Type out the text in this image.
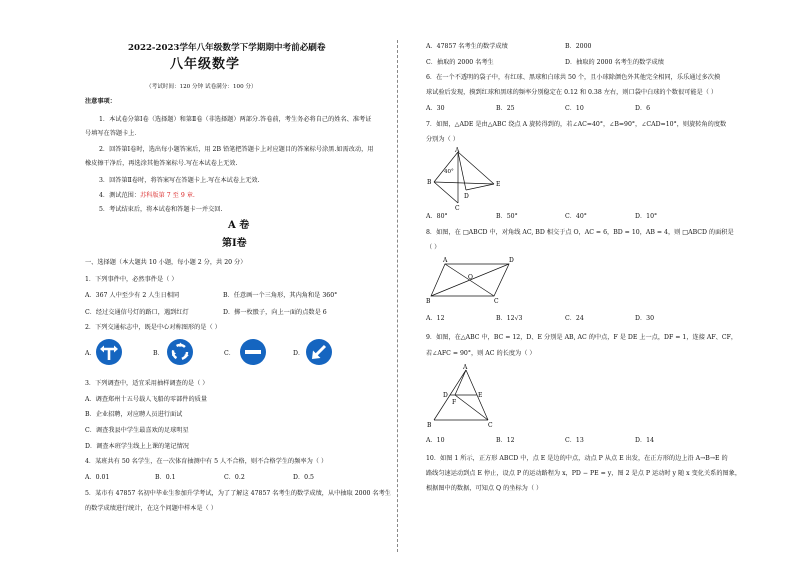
2022-2023学年八年级数学下学期期中考前必刷卷
八年级数学
（考试时间：120 分钟 试卷满分：100 分）
注意事项：
1．本试卷分第Ⅰ卷（选择题）和第Ⅱ卷（非选择题）两部分.答卷前，考生务必将自己的姓名、准考证
号填写在答题卡上．
2．回答第Ⅰ卷时，选出每小题答案后，用 2B 铅笔把答题卡上对应题目的答案标号涂黑.如需改动，用
橡皮擦干净后，再选涂其他答案标号.写在本试卷上无效.
3．回答第Ⅱ卷时，将答案写在答题卡上.写在本试卷上无效.
4．测试范围：苏科版第 7 至 9 章.
5．考试结束后，将本试卷和答题卡一并交回.
A 卷
第Ⅰ卷
一、选择题（本大题共 10 小题，每小题 2 分，共 20 分）
1．下列事件中，必然事件是（ ）
A．367 人中至少有 2 人生日相同	B．任意画一个三角形，其内角和是 360°
C．经过交通信号灯的路口，遇到红灯	D．掷一枚骰子，向上一面的点数是 6
2．下列交通标志中，既是中心对称图形的是（ ）
A．	B．	C．	D．
3．下列调查中，适宜采用抽样调查的是（ ）
A．调查郑州十五号载人飞船的零部件的质量
B．企业招聘，对应聘人员进行面试
C．调查我县中学生最喜欢的足球明星
D．调查本班学生线上上课的笔记情况
4．某班共有 50 名学生，在一次体育抽测中有 5 人不合格，则不合格学生的频率为（ ）
A．0.01	B．0.1	C．0.2	D．0.5
5．某市有 47857 名初中毕业生参加升学考试，为了了解这 47857 名考生的数学成绩，从中抽取 2000 名考生
的数学成绩进行统计，在这个问题中样本是（ ）
A．47857 名考生的数学成绩	B．2000
C．抽取的 2000 名考生	D．抽取的 2000 名考生的数学成绩
6．在一个不透明的袋子中，有红球、黑球和白球共 50 个，且小球除颜色外其他完全相同，乐乐通过多次摸
球试验后发现，摸到红球和黑球的频率分别稳定在 0.12 和 0.38 左右，则口袋中白球的个数很可能是（ ）
A．30	B．25	C．10	D．6
7．如图，△ADE 是由△ABC 绕点 A 旋转得到的，若∠AC=40°，∠B=90°，∠CAD=10°，则旋转角的度数
分别为（ ）
A
B
C
D
E
40°
A．80°	B．50°	C．40°	D．10°
8．如图，在 □ABCD 中，对角线 AC, BD 相交于点 O，AC = 6，BD = 10，AB = 4，则 □ABCD 的面积是
（ ）
A	D
B	C
O
A．12	B．12√3	C．24	D．30
9．如图，在△ABC 中，BC = 12，D、E 分别是 AB, AC 的中点，F 是 DE 上一点，DF = 1，连接 AF、CF，
若∠AFC = 90°，则 AC 的长度为（ ）
A
B	C
D	E
F
A．10	B．12	C．13	D．14
10．如图 1 所示，正方形 ABCD 中，点 E 是边的中点，动点 P 从点 E 出发，在正方形的边上沿 A→B→E 的
路线匀速运动到点 E 停止，设点 P 的运动路程为 x，PD − PE = y，图 2 是点 P 运动时 y 随 x 变化关系的图象，
根据图中的数据，可知点 Q 的坐标为（ ）
